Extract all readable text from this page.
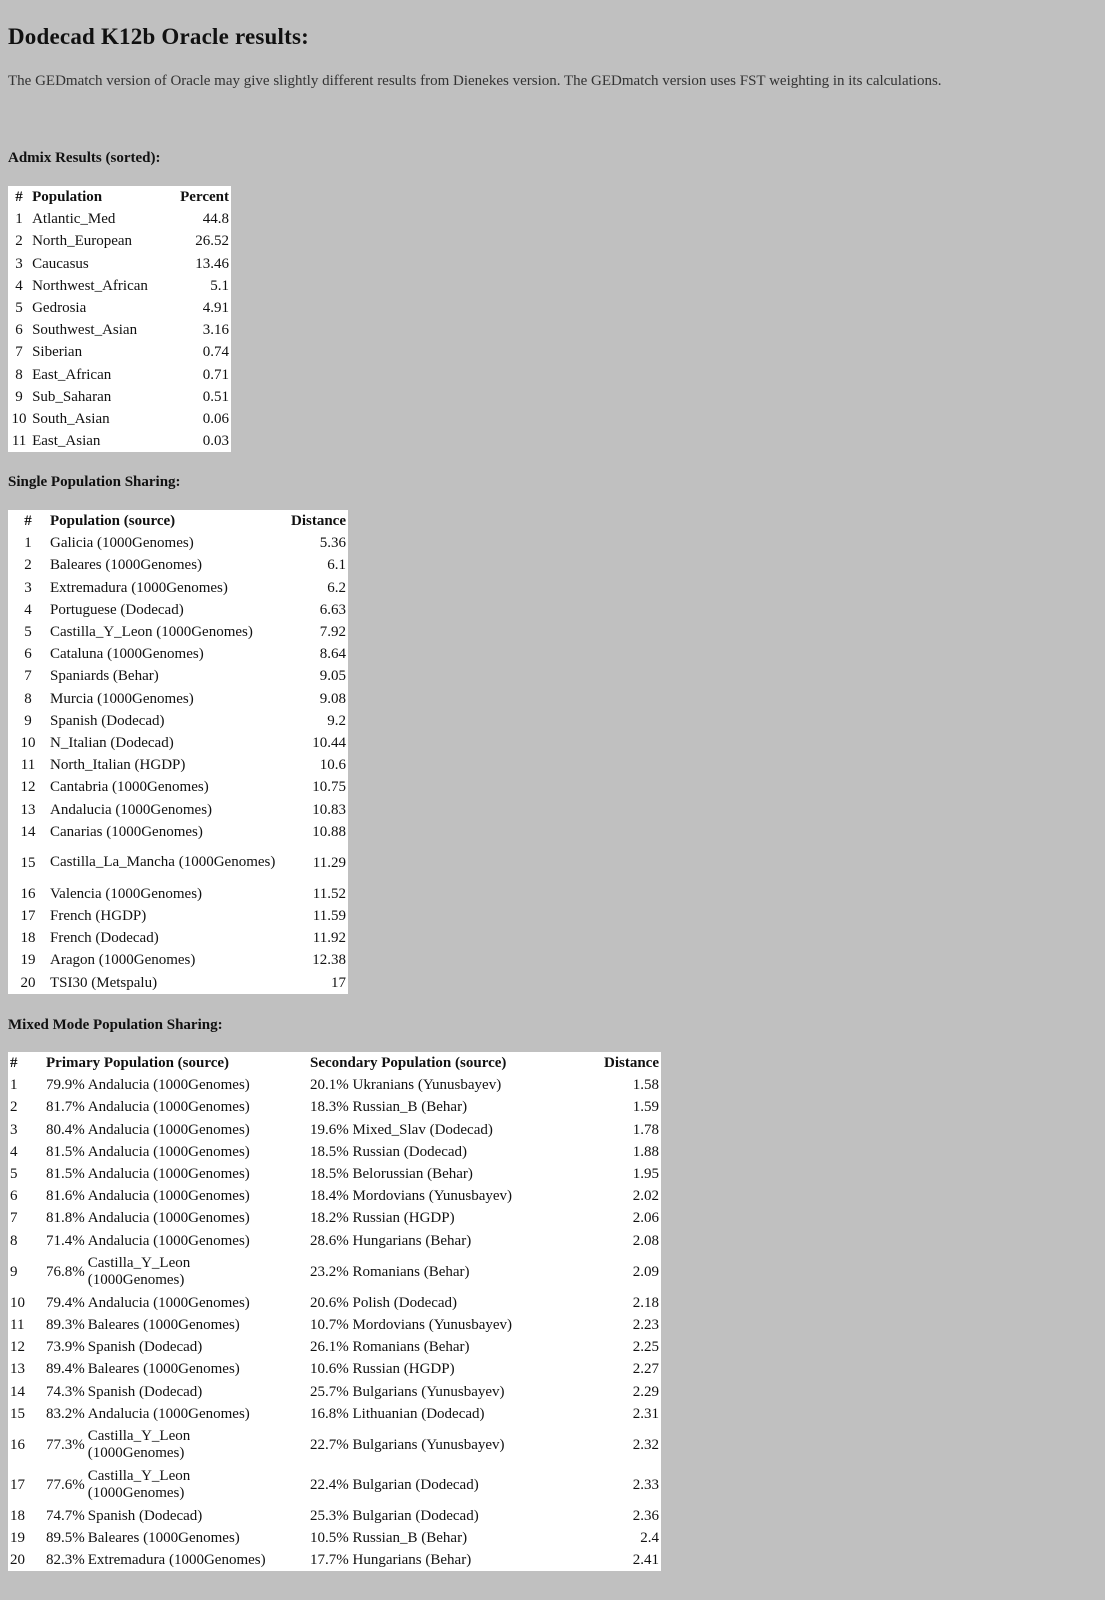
Dodecad K12b Oracle results:

The GEDmatch version of Oracle may give slightly different results from Dienekes version. The GEDmatch version uses FST weighting in its calculations.

Admix Results (sorted):
#	Population	Percent
1	Atlantic_Med	44.8
2	North_European	26.52
3	Caucasus	13.46
4	Northwest_African	5.1
5	Gedrosia	4.91
6	Southwest_Asian	3.16
7	Siberian	0.74
8	East_African	0.71
9	Sub_Saharan	0.51
10	South_Asian	0.06
11	East_Asian	0.03
Single Population Sharing:
#	Population (source)	Distance
1	Galicia (1000Genomes)	5.36
2	Baleares (1000Genomes)	6.1
3	Extremadura (1000Genomes)	6.2
4	Portuguese (Dodecad)	6.63
5	Castilla_Y_Leon (1000Genomes)	7.92
6	Cataluna (1000Genomes)	8.64
7	Spaniards (Behar)	9.05
8	Murcia (1000Genomes)	9.08
9	Spanish (Dodecad)	9.2
10	N_Italian (Dodecad)	10.44
11	North_Italian (HGDP)	10.6
12	Cantabria (1000Genomes)	10.75
13	Andalucia (1000Genomes)	10.83
14	Canarias (1000Genomes)	10.88
15	Castilla_La_Mancha (1000Genomes)	11.29
16	Valencia (1000Genomes)	11.52
17	French (HGDP)	11.59
18	French (Dodecad)	11.92
19	Aragon (1000Genomes)	12.38
20	TSI30 (Metspalu)	17
Mixed Mode Population Sharing:
#	Primary Population (source)	Secondary Population (source)	Distance
1	79.9% Andalucia (1000Genomes)	20.1% Ukranians (Yunusbayev)	1.58
2	81.7% Andalucia (1000Genomes)	18.3% Russian_B (Behar)	1.59
3	80.4% Andalucia (1000Genomes)	19.6% Mixed_Slav (Dodecad)	1.78
4	81.5% Andalucia (1000Genomes)	18.5% Russian (Dodecad)	1.88
5	81.5% Andalucia (1000Genomes)	18.5% Belorussian (Behar)	1.95
6	81.6% Andalucia (1000Genomes)	18.4% Mordovians (Yunusbayev)	2.02
7	81.8% Andalucia (1000Genomes)	18.2% Russian (HGDP)	2.06
8	71.4% Andalucia (1000Genomes)	28.6% Hungarians (Behar)	2.08
9	76.8%
Castilla_Y_Leon (1000Genomes)	23.2% Romanians (Behar)	2.09
10	79.4% Andalucia (1000Genomes)	20.6% Polish (Dodecad)	2.18
11	89.3% Baleares (1000Genomes)	10.7% Mordovians (Yunusbayev)	2.23
12	73.9% Spanish (Dodecad)	26.1% Romanians (Behar)	2.25
13	89.4% Baleares (1000Genomes)	10.6% Russian (HGDP)	2.27
14	74.3% Spanish (Dodecad)	25.7% Bulgarians (Yunusbayev)	2.29
15	83.2% Andalucia (1000Genomes)	16.8% Lithuanian (Dodecad)	2.31
16	77.3%
Castilla_Y_Leon (1000Genomes)	22.7% Bulgarians (Yunusbayev)	2.32
17	77.6%
Castilla_Y_Leon (1000Genomes)	22.4% Bulgarian (Dodecad)	2.33
18	74.7% Spanish (Dodecad)	25.3% Bulgarian (Dodecad)	2.36
19	89.5% Baleares (1000Genomes)	10.5% Russian_B (Behar)	2.4
20	82.3% Extremadura (1000Genomes)	17.7% Hungarians (Behar)	2.41
